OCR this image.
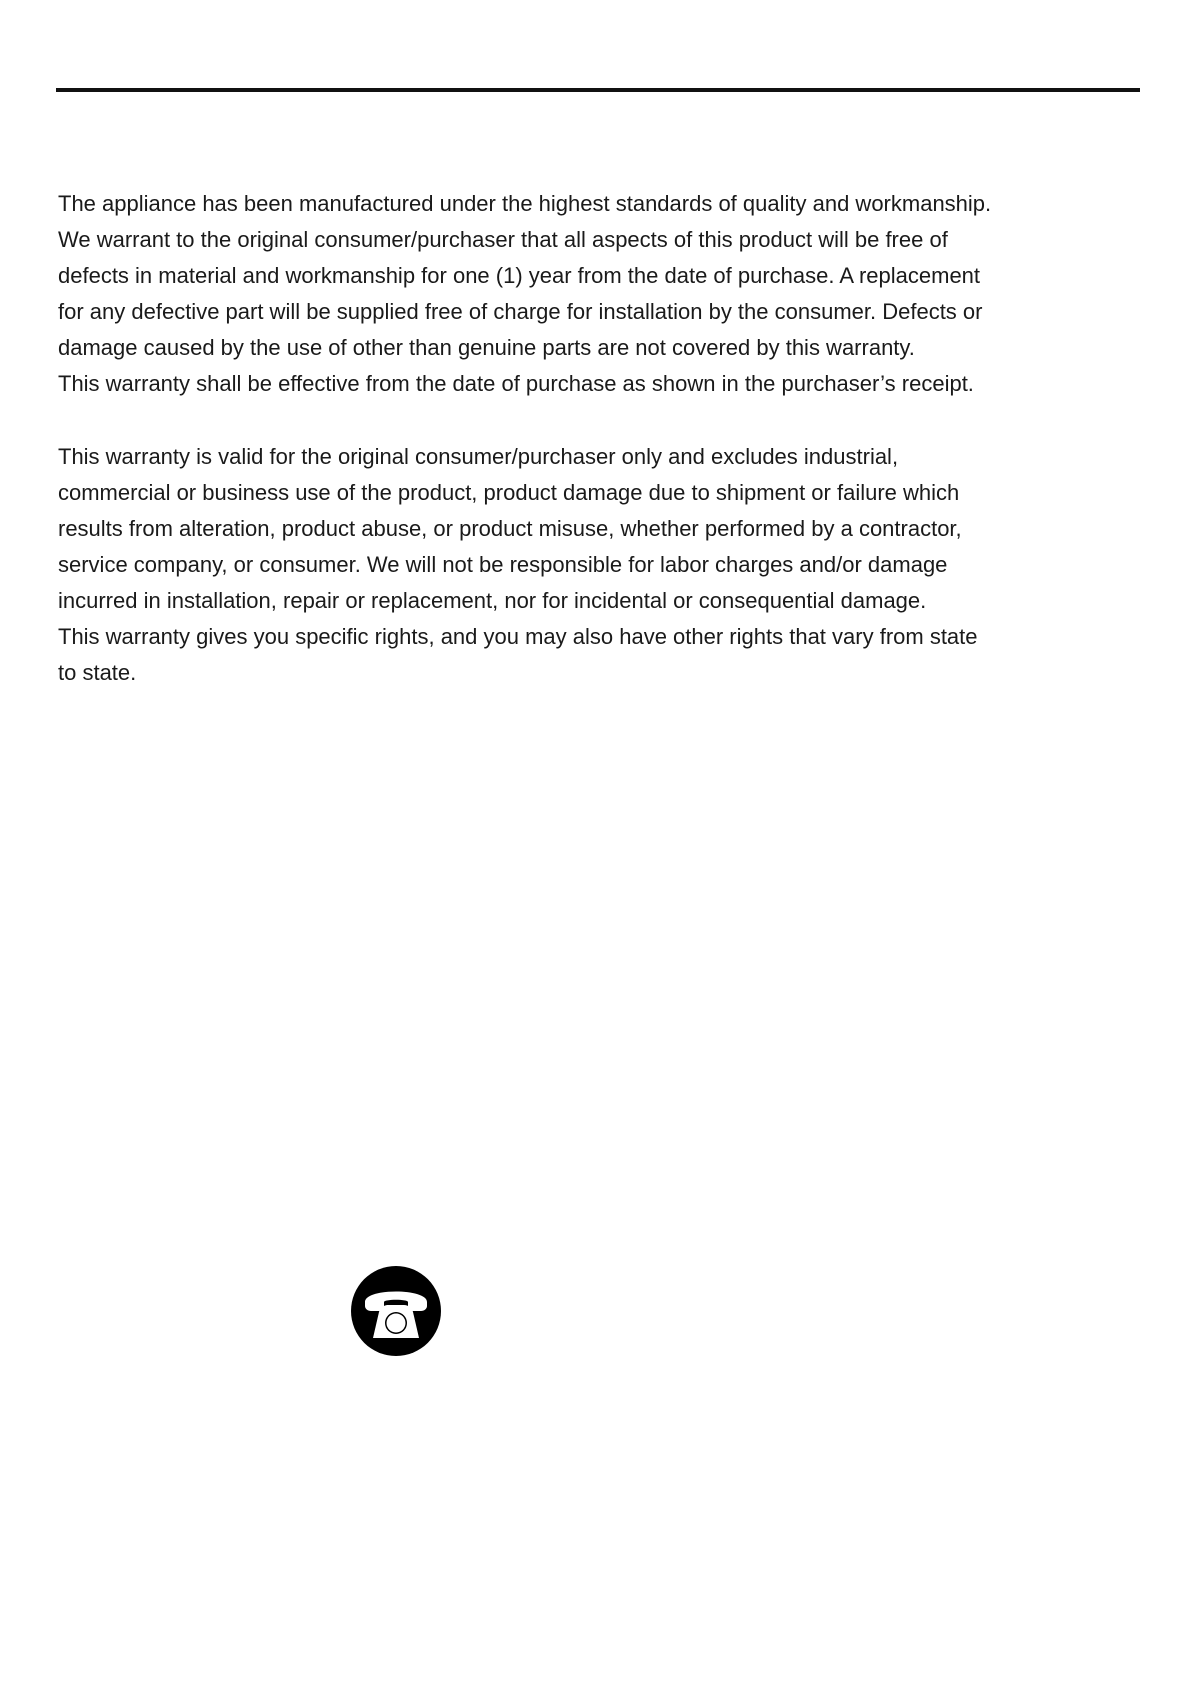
The appliance has been manufactured under the highest standards of quality and workmanship.
We warrant to the original consumer/purchaser that all aspects of this product will be free of
defects in material and workmanship for one (1) year from the date of purchase. A replacement
for any defective part will be supplied free of charge for installation by the consumer. Defects or
damage caused by the use of other than genuine parts are not covered by this warranty.
This warranty shall be effective from the date of purchase as shown in the purchaser’s receipt.
This warranty is valid for the original consumer/purchaser only and excludes industrial,
commercial or business use of the product, product damage due to shipment or failure which
results from alteration, product abuse, or product misuse, whether performed by a contractor,
service company, or consumer. We will not be responsible for labor charges and/or damage
incurred in installation, repair or replacement, nor for incidental or consequential damage.
This warranty gives you specific rights, and you may also have other rights that vary from state
to state.
